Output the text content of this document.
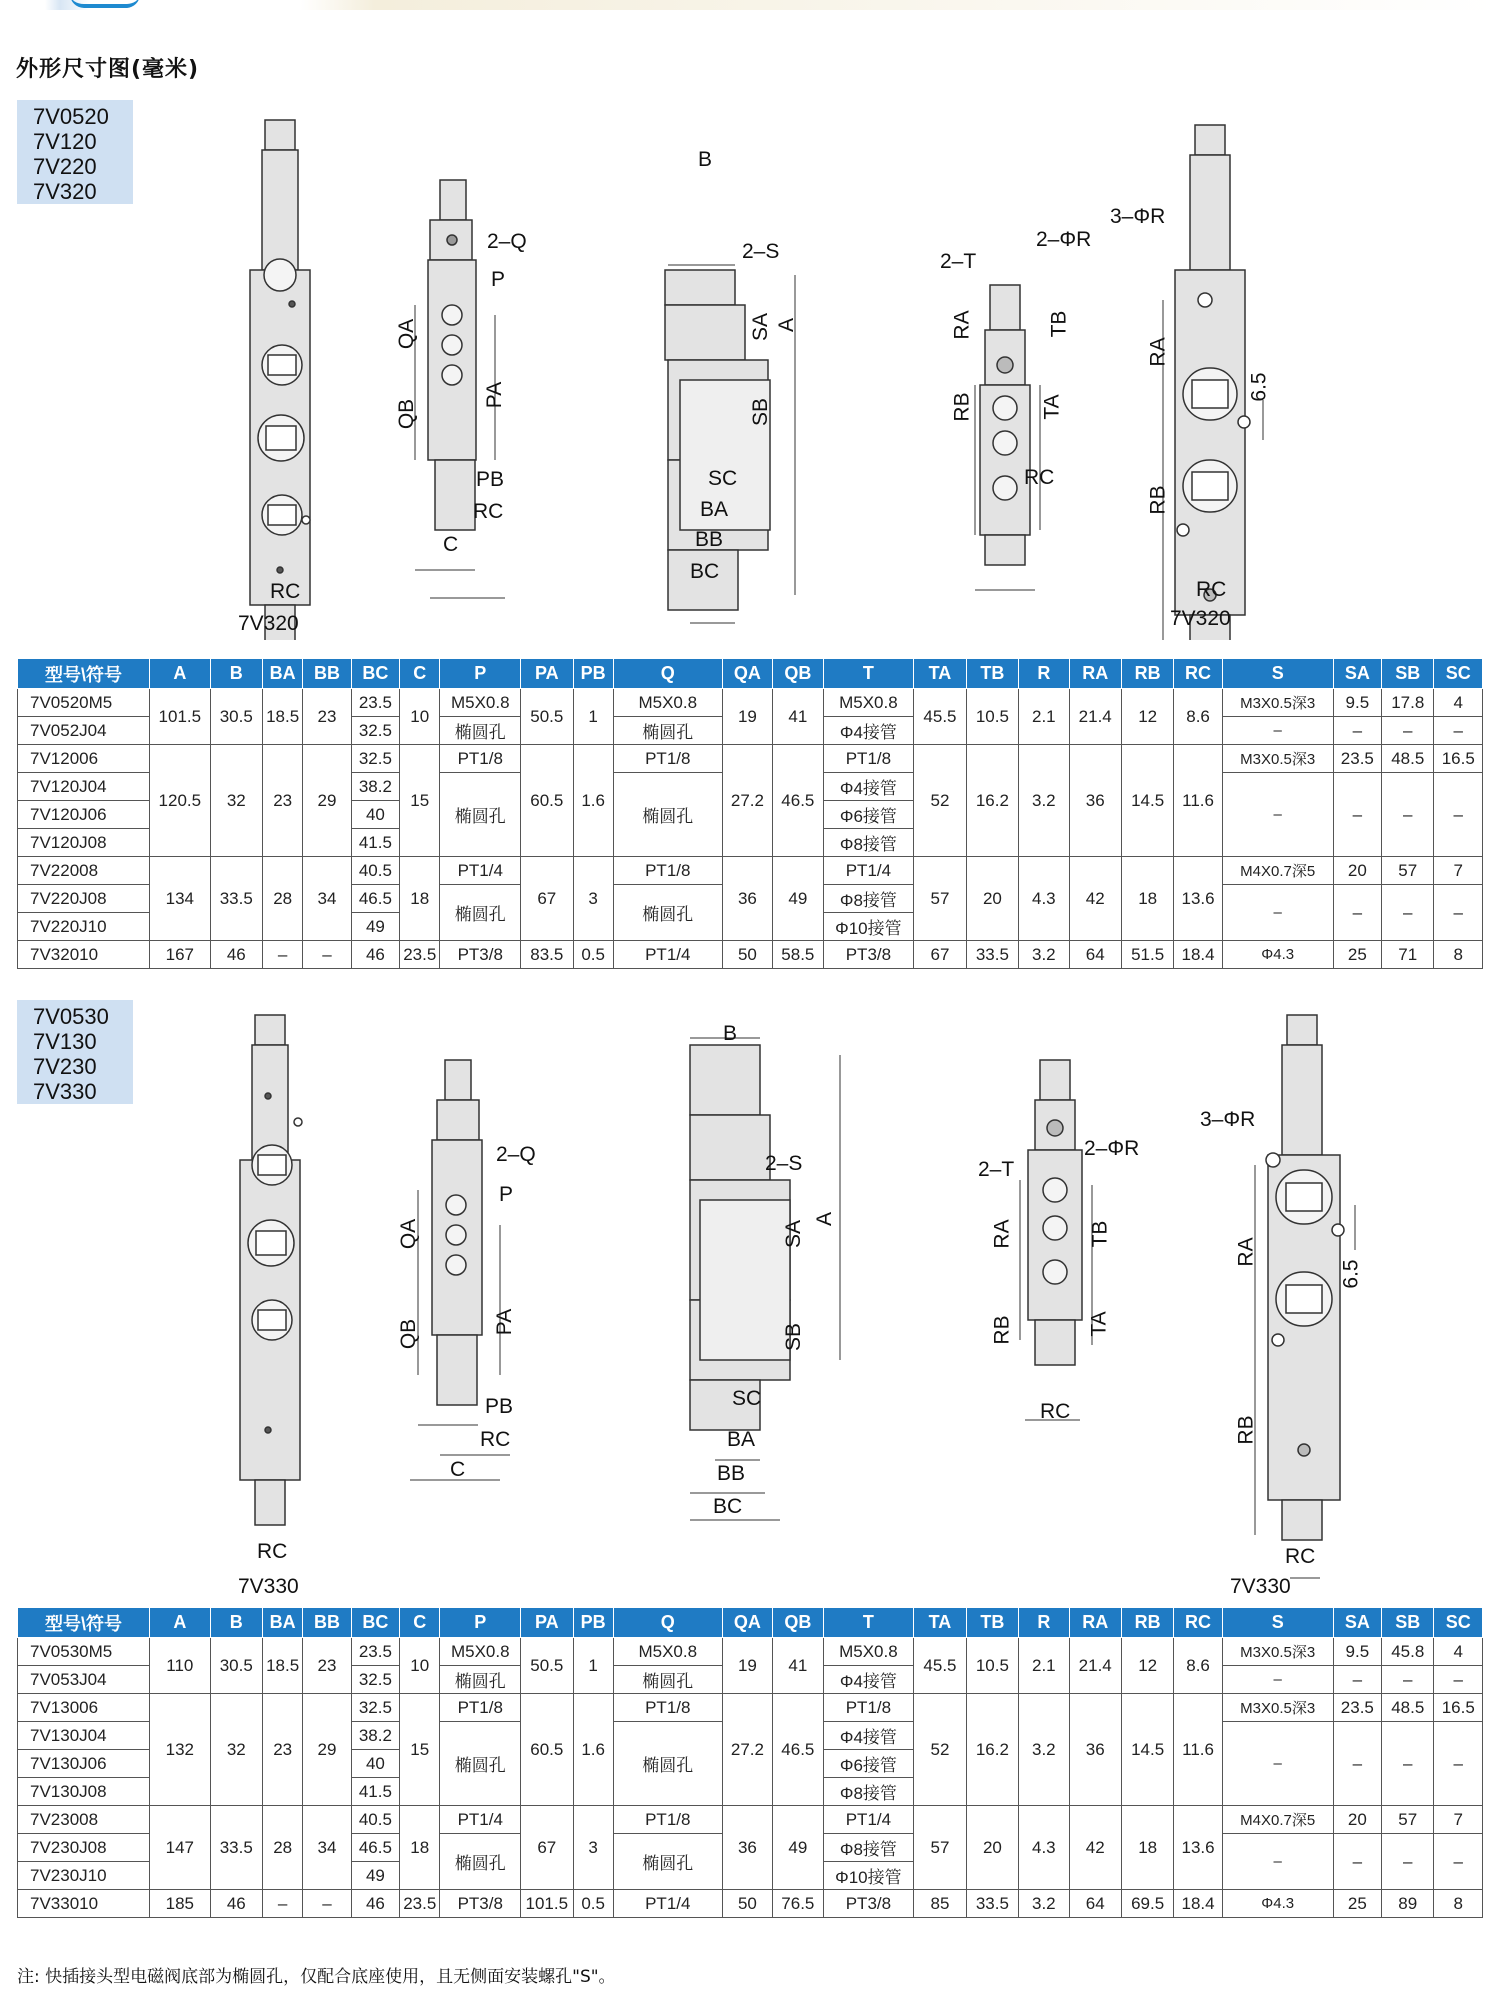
外形尺寸图(毫米)
7V0520
7V120
7V220
7V320
2–Q
P
QA
QB
PA
PB
RC
C
RC
B
2–S
SA
SB
A
SC
BA
BB
BC
2–T
2–ΦR
RA
RB
TB
TA
RC
3–ΦR
RA
RB
6.5
RC
7V320	7V320
型号\符号	A	B	BA	BB	BC	C	P	PA	PB	Q	QA	QB	T	TA	TB	R	RA	RB	RC	S	SA	SB	SC
7V0520M5	101.5	30.5	18.5	23	23.5	10	M5X0.8	50.5	1	M5X0.8	19	41	M5X0.8	45.5	10.5	2.1	21.4	12	8.6	M3X0.5深3	9.5	17.8	4
7V052J04					32.5		椭圆孔			椭圆孔			Φ4接管							–	–	–	–
7V12006	120.5	32	23	29	32.5	15	PT1/8	60.5	1.6	PT1/8	27.2	46.5	PT1/8	52	16.2	3.2	36	14.5	11.6	M3X0.5深3	23.5	48.5	16.5
7V120J04					38.2		椭圆孔			椭圆孔			Φ4接管							–	–	–	–
7V120J06					40								Φ6接管										
7V120J08					41.5								Φ8接管										
7V22008	134	33.5	28	34	40.5	18	PT1/4	67	3	PT1/8	36	49	PT1/4	57	20	4.3	42	18	13.6	M4X0.7深5	20	57	7
7V220J08					46.5		椭圆孔			椭圆孔			Φ8接管							–	–	–	–
7V220J10					49								Φ10接管										
7V32010	167	46	–	–	46	23.5	PT3/8	83.5	0.5	PT1/4	50	58.5	PT3/8	67	33.5	3.2	64	51.5	18.4	Φ4.3	25	71	8
7V0530
7V130
7V230
7V330
2–Q
P
QA
QB	PA
PB
RC
C
RC
B
2–S
SA
SB
A
SC
BA
BB
BC
2–T
2–ΦR
RA
RB
TB
TA
RC
3–ΦR
RA
RB
6.5
RC
7V330	7V330
型号\符号	A	B	BA	BB	BC	C	P	PA	PB	Q	QA	QB	T	TA	TB	R	RA	RB	RC	S	SA	SB	SC
7V0530M5	110	30.5	18.5	23	23.5	10	M5X0.8	50.5	1	M5X0.8	19	41	M5X0.8	45.5	10.5	2.1	21.4	12	8.6	M3X0.5深3	9.5	45.8	4
7V053J04					32.5		椭圆孔			椭圆孔			Φ4接管							–	–	–	–
7V13006	132	32	23	29	32.5	15	PT1/8	60.5	1.6	PT1/8	27.2	46.5	PT1/8	52	16.2	3.2	36	14.5	11.6	M3X0.5深3	23.5	48.5	16.5
7V130J04					38.2		椭圆孔			椭圆孔			Φ4接管							–	–	–	–
7V130J06					40								Φ6接管										
7V130J08					41.5								Φ8接管										
7V23008	147	33.5	28	34	40.5	18	PT1/4	67	3	PT1/8	36	49	PT1/4	57	20	4.3	42	18	13.6	M4X0.7深5	20	57	7
7V230J08					46.5		椭圆孔			椭圆孔			Φ8接管							–	–	–	–
7V230J10					49								Φ10接管										
7V33010	185	46	–	–	46	23.5	PT3/8	101.5	0.5	PT1/4	50	76.5	PT3/8	85	33.5	3.2	64	69.5	18.4	Φ4.3	25	89	8
注: 快插接头型电磁阀底部为椭圆孔，仅配合底座使用，且无侧面安装螺孔"S"。
